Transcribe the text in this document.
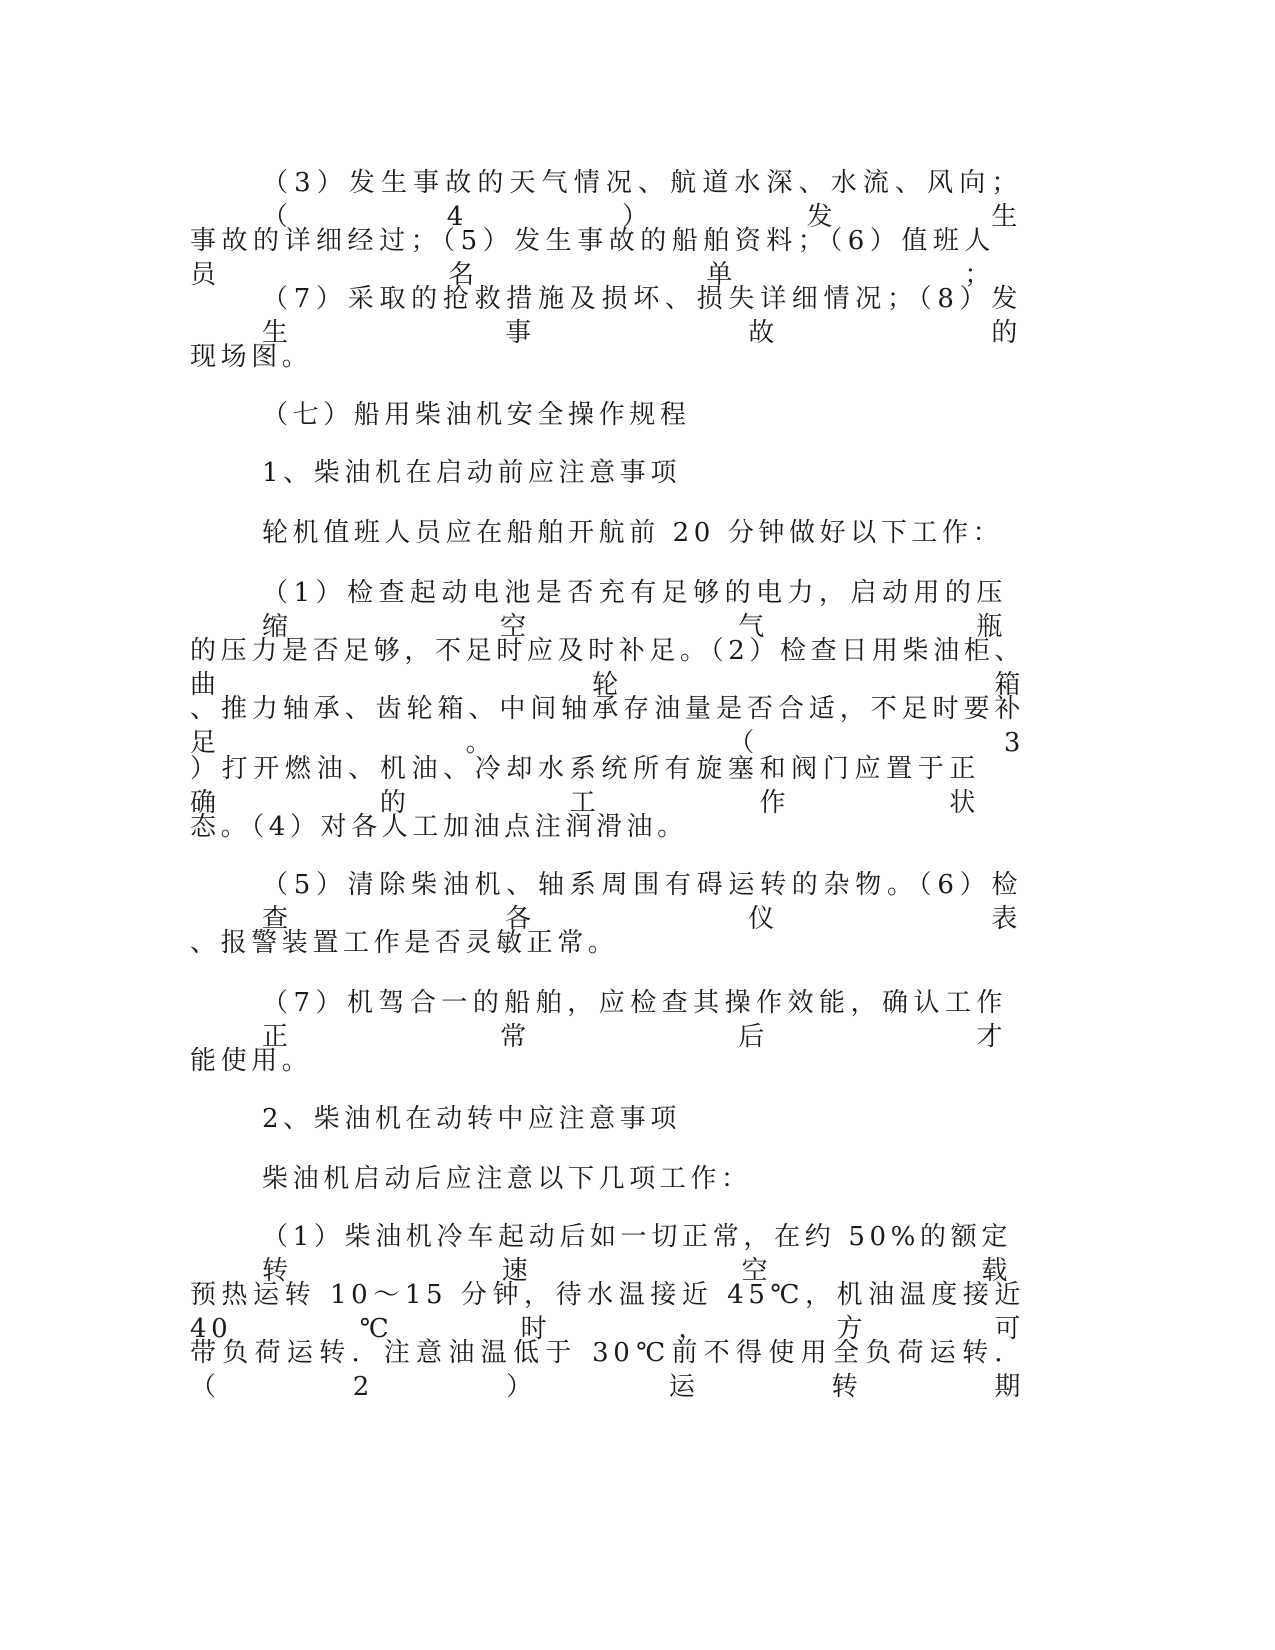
（3）发生事故的天气情况、航道水深、水流、风向；（4）发生
事故的详细经过；（5）发生事故的船舶资料；（6）值班人员名单；
（7）采取的抢救措施及损坏、损失详细情况；（8）发生事故的
现场图。
（七）船用柴油机安全操作规程
1、柴油机在启动前应注意事项
轮机值班人员应在船舶开航前 20 分钟做好以下工作：
（1）检查起动电池是否充有足够的电力，启动用的压缩空气瓶
的压力是否足够，不足时应及时补足。（2）检查日用柴油柜、曲轮箱
、推力轴承、齿轮箱、中间轴承存油量是否合适，不足时要补足。（3
）打开燃油、机油、冷却水系统所有旋塞和阀门应置于正确的工作状
态。（4）对各人工加油点注润滑油。
（5）清除柴油机、轴系周围有碍运转的杂物。（6）检查各仪表
、报警装置工作是否灵敏正常。
（7）机驾合一的船舶，应检查其操作效能，确认工作正常后才
能使用。
2、柴油机在动转中应注意事项
柴油机启动后应注意以下几项工作：
（1）柴油机冷车起动后如一切正常，在约 50%的额定转速空载
预热运转 10～15 分钟，待水温接近 45℃，机油温度接近 40℃时，方可
带负荷运转．注意油温低于 30℃前不得使用全负荷运转．（2）运转期
